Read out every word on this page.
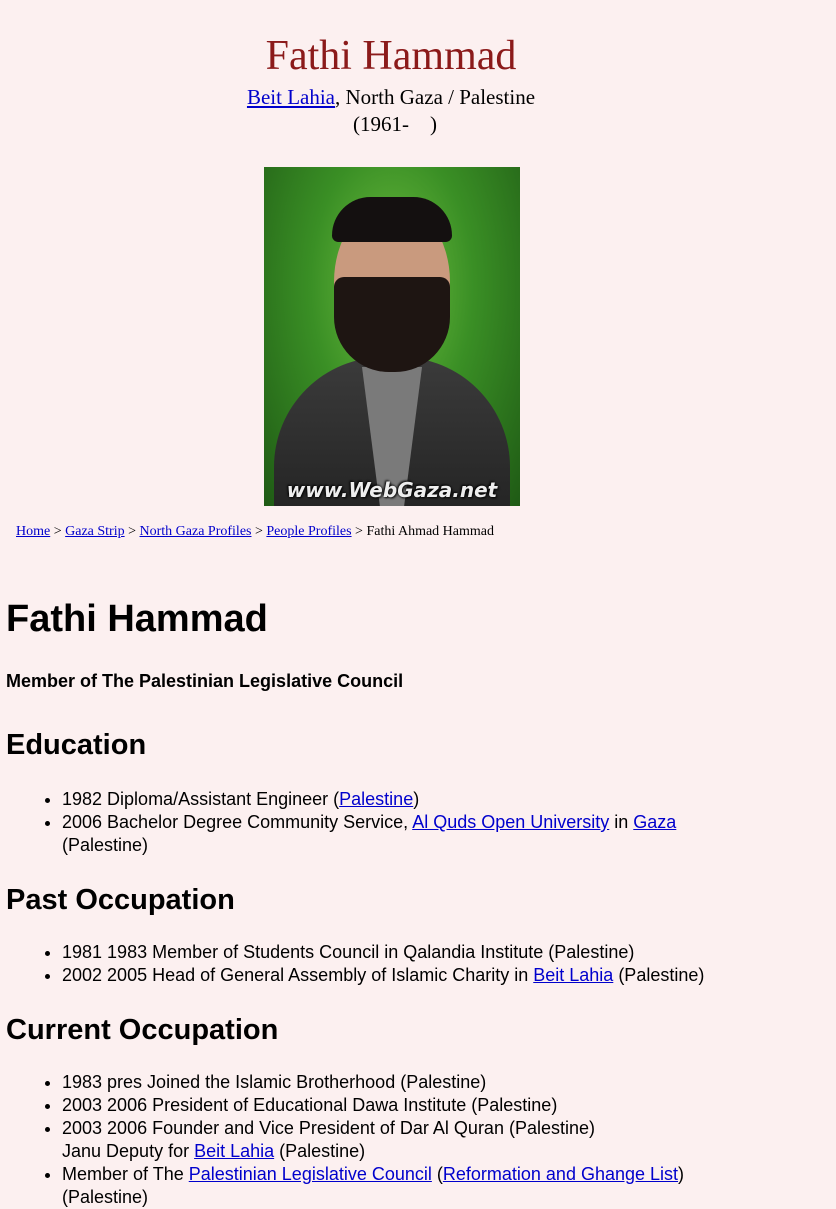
Fathi Hammad
Beit Lahia, North Gaza / Palestine
(1961-    )
www.WebGaza.net
Home > Gaza Strip > North Gaza Profiles > People Profiles > Fathi Ahmad Hammad
Fathi Hammad

Member of The Palestinian Legislative Council

Education
• 1982 Diploma/Assistant Engineer (Palestine)
• 2006 Bachelor Degree Community Service, Al Quds Open University in Gaza
(Palestine)
Past Occupation
• 1981 1983 Member of Students Council in Qalandia Institute (Palestine)
• 2002 2005 Head of General Assembly of Islamic Charity in Beit Lahia (Palestine)
Current Occupation
• 1983 pres Joined the Islamic Brotherhood (Palestine)
• 2003 2006 President of Educational Dawa Institute (Palestine)
• 2003 2006 Founder and Vice President of Dar Al Quran (Palestine)
Janu Deputy for Beit Lahia (Palestine)
• Member of The Palestinian Legislative Council (Reformation and Ghange List)
(Palestine)
